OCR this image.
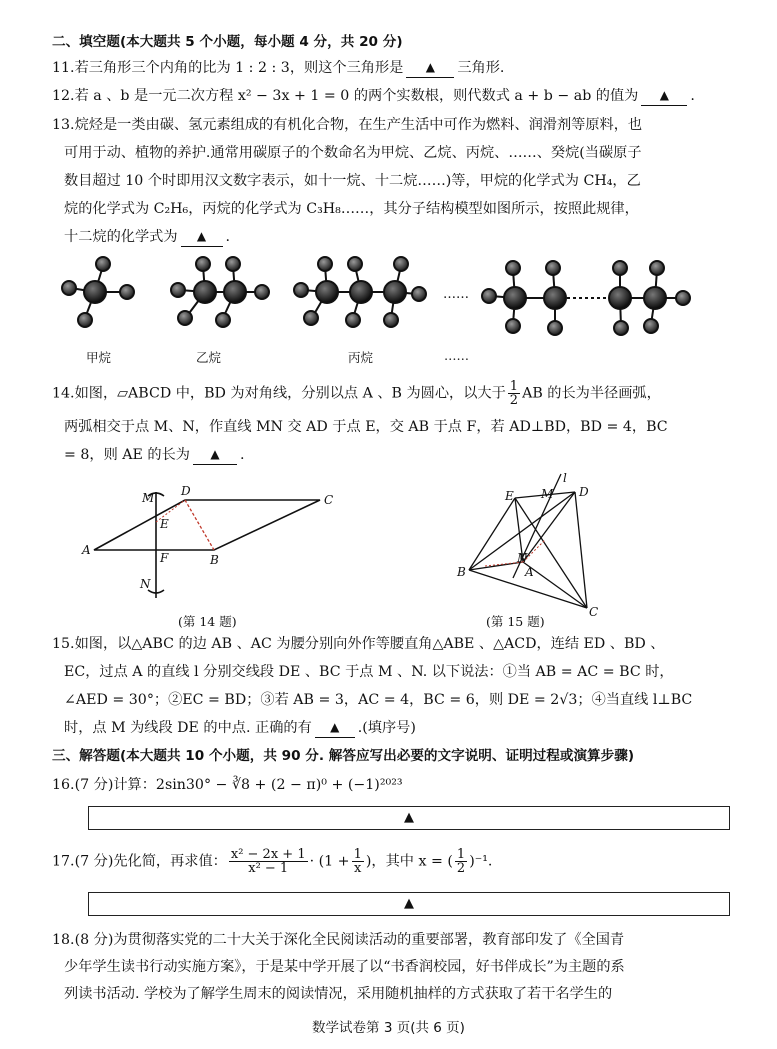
二、填空题(本大题共 5 个小题，每小题 4 分，共 20 分)
11.若三角形三个内角的比为 1 : 2 : 3，则这个三角形是 ▲ 三角形.
12.若 a 、b 是一元二次方程 x² − 3x + 1 = 0 的两个实数根，则代数式 a + b − ab 的值为 ▲ .
13.烷烃是一类由碳、氢元素组成的有机化合物，在生产生活中可作为燃料、润滑剂等原料，也
可用于动、植物的养护.通常用碳原子的个数命名为甲烷、乙烷、丙烷、……、癸烷(当碳原子
数目超过 10 个时即用汉文数字表示，如十一烷、十二烷……)等，甲烷的化学式为 CH₄，乙
烷的化学式为 C₂H₆，丙烷的化学式为 C₃H₈……，其分子结构模型如图所示，按照此规律，
十二烷的化学式为 ▲ .
……
甲烷	乙烷	丙烷	……
14.如图，▱ABCD 中，BD 为对角线，分别以点 A 、B 为圆心，以大于 $\frac{1}{2}$ AB 的长为半径画弧，
两弧相交于点 M、N，作直线 MN 交 AD 于点 E，交 AB 于点 F，若 AD⊥BD，BD = 4，BC
= 8，则 AE 的长为 ▲ .
M D
C
E
A
F	B
N
(第 14 题)
l
E M D
B
N
A
C
(第 15 题)
15.如图，以△ABC 的边 AB 、AC 为腰分别向外作等腰直角△ABE 、△ACD，连结 ED 、BD 、
EC，过点 A 的直线 l 分别交线段 DE 、BC 于点 M 、N. 以下说法：①当 AB = AC = BC 时，
∠AED = 30°；②EC = BD；③若 AB = 3，AC = 4，BC = 6，则 DE = 2√3；④当直线 l⊥BC
时，点 M 为线段 DE 的中点. 正确的有 ▲ .(填序号)
三、解答题(本大题共 10 个小题，共 90 分. 解答应写出必要的文字说明、证明过程或演算步骤)
16.(7 分)计算：2sin30° − ∛8 + (2 − π)⁰ + (−1)²⁰²³
▲
17.(7 分)先化简，再求值： $\frac{\text{x² − 2x + 1}}{\text{x² − 1}} \cdot (1 + \frac{1}{x}$ )，其中 x = ( $\frac{1}{2} )^{-1}$.
▲
18.(8 分)为贯彻落实党的二十大关于深化全民阅读活动的重要部署，教育部印发了《全国青
少年学生读书行动实施方案》，于是某中学开展了以“书香润校园，好书伴成长”为主题的系
列读书活动. 学校为了解学生周末的阅读情况，采用随机抽样的方式获取了若干名学生的
数学试卷第 3 页(共 6 页)
